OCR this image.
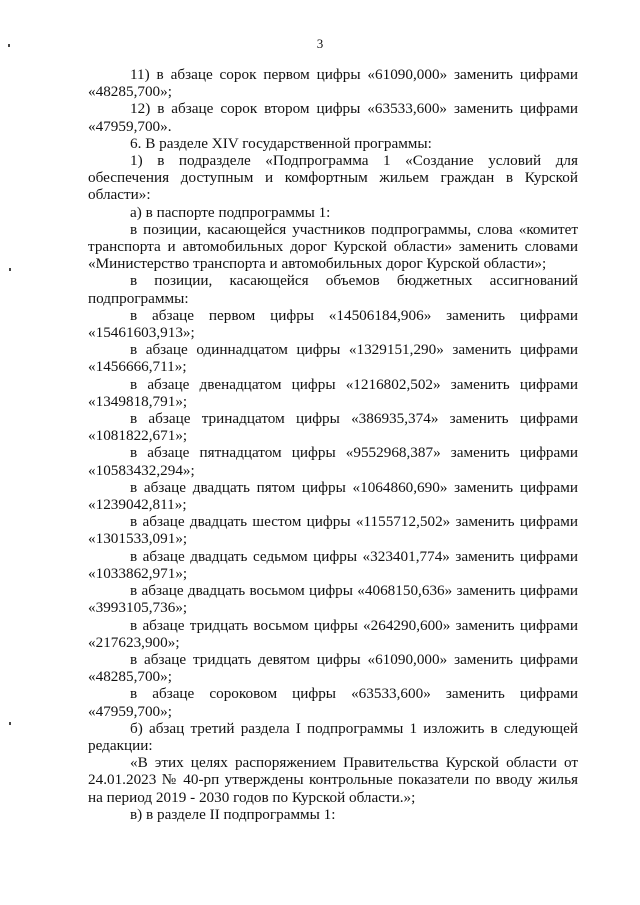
3

11) в абзаце сорок первом цифры «61090,000» заменить цифрами «48285,700»;

12) в абзаце сорок втором цифры «63533,600» заменить цифрами «47959,700».

6. В разделе XIV государственной программы:

1) в подразделе «Подпрограмма 1 «Создание условий для обеспечения доступным и комфортным жильем граждан в Курской области»:

а) в паспорте подпрограммы 1:

в позиции, касающейся участников подпрограммы, слова «комитет транспорта и автомобильных дорог Курской области» заменить словами «Министерство транспорта и автомобильных дорог Курской области»;

в позиции, касающейся объемов бюджетных ассигнований подпрограммы:

в абзаце первом цифры «14506184,906» заменить цифрами «15461603,913»;

в абзаце одиннадцатом цифры «1329151,290» заменить цифрами «1456666,711»;

в абзаце двенадцатом цифры «1216802,502» заменить цифрами «1349818,791»;

в абзаце тринадцатом цифры «386935,374» заменить цифрами «1081822,671»;

в абзаце пятнадцатом цифры «9552968,387» заменить цифрами «10583432,294»;

в абзаце двадцать пятом цифры «1064860,690» заменить цифрами «1239042,811»;

в абзаце двадцать шестом цифры «1155712,502» заменить цифрами «1301533,091»;

в абзаце двадцать седьмом цифры «323401,774» заменить цифрами «1033862,971»;

в абзаце двадцать восьмом цифры «4068150,636» заменить цифрами «3993105,736»;

в абзаце тридцать восьмом цифры «264290,600» заменить цифрами «217623,900»;

в абзаце тридцать девятом цифры «61090,000» заменить цифрами «48285,700»;

в абзаце сороковом цифры «63533,600» заменить цифрами «47959,700»;

б) абзац третий раздела I подпрограммы 1 изложить в следующей редакции:

«В этих целях распоряжением Правительства Курской области от 24.01.2023 № 40-рп утверждены контрольные показатели по вводу жилья на период 2019 - 2030 годов по Курской области.»;

в) в разделе II подпрограммы 1:
